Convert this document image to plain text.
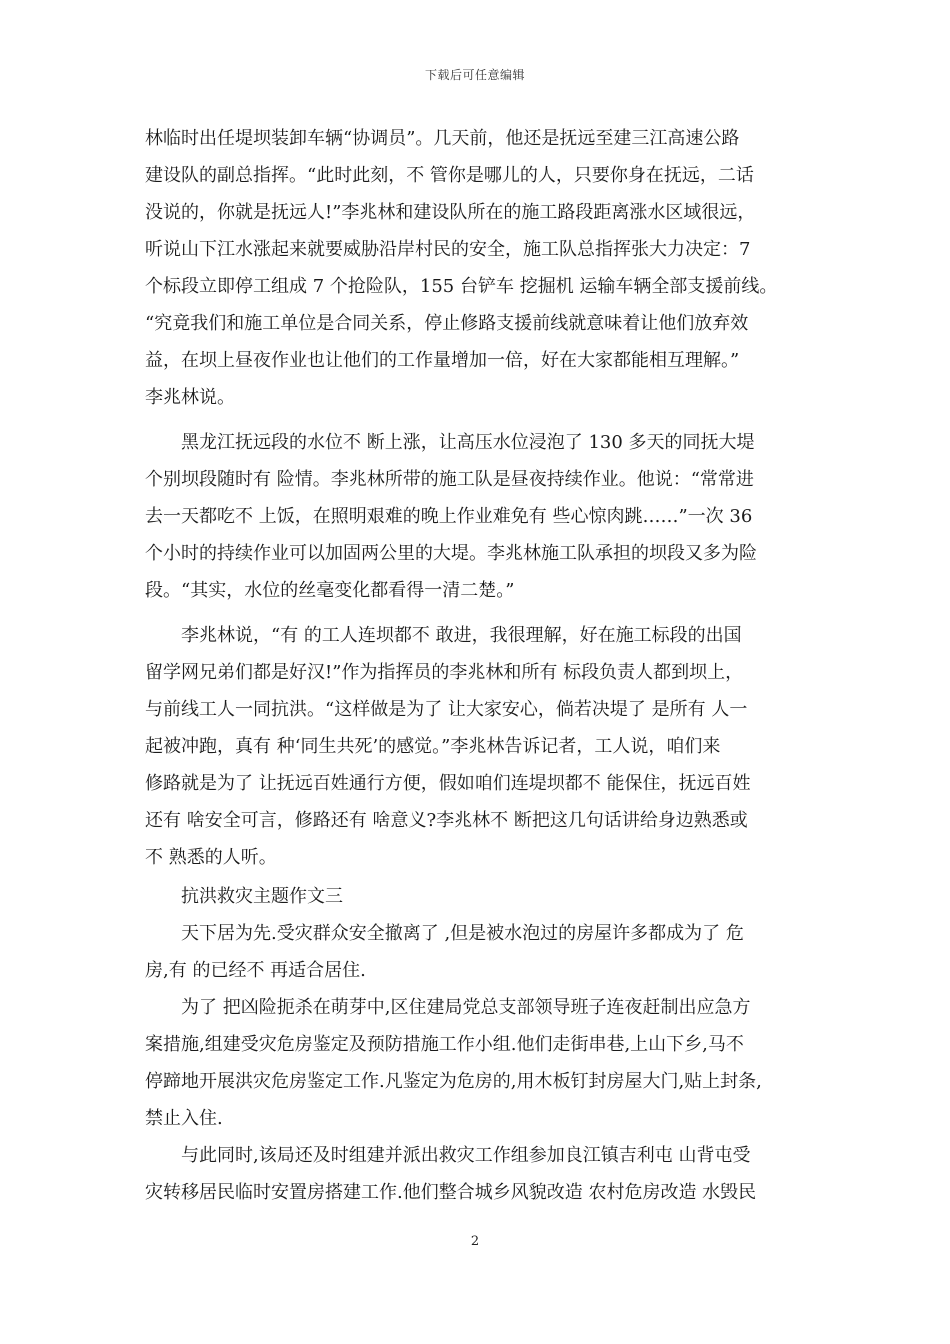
下载后可任意编辑
林临时出任堤坝装卸车辆“协调员”。几天前，他还是抚远至建三江高速公路
建设队的副总指挥。“此时此刻，不 管你是哪儿的人，只要你身在抚远，二话
没说的，你就是抚远人!”李兆林和建设队所在的施工路段距离涨水区域很远，
听说山下江水涨起来就要威胁沿岸村民的安全，施工队总指挥张大力决定：7
个标段立即停工组成 7 个抢险队，155 台铲车 挖掘机 运输车辆全部支援前线。
“究竟我们和施工单位是合同关系，停止修路支援前线就意味着让他们放弃效
益，在坝上昼夜作业也让他们的工作量增加一倍，好在大家都能相互理解。”
李兆林说。
　　黑龙江抚远段的水位不 断上涨，让高压水位浸泡了 130 多天的同抚大堤
个别坝段随时有 险情。李兆林所带的施工队是昼夜持续作业。他说：“常常进
去一天都吃不 上饭，在照明艰难的晚上作业难免有 些心惊肉跳……”一次 36
个小时的持续作业可以加固两公里的大堤。李兆林施工队承担的坝段又多为险
段。“其实，水位的丝毫变化都看得一清二楚。”
　　李兆林说，“有 的工人连坝都不 敢进，我很理解，好在施工标段的出国
留学网兄弟们都是好汉!”作为指挥员的李兆林和所有 标段负责人都到坝上，
与前线工人一同抗洪。“这样做是为了 让大家安心，倘若决堤了 是所有 人一
起被冲跑，真有 种‘同生共死’的感觉。”李兆林告诉记者，工人说，咱们来
修路就是为了 让抚远百姓通行方便，假如咱们连堤坝都不 能保住，抚远百姓
还有 啥安全可言，修路还有 啥意义?李兆林不 断把这几句话讲给身边熟悉或
不 熟悉的人听。
　　抗洪救灾主题作文三
　　天下居为先.受灾群众安全撤离了 ,但是被水泡过的房屋许多都成为了 危
房,有 的已经不 再适合居住.
　　为了 把凶险扼杀在萌芽中,区住建局党总支部领导班子连夜赶制出应急方
案措施,组建受灾危房鉴定及预防措施工作小组.他们走街串巷,上山下乡,马不
停蹄地开展洪灾危房鉴定工作.凡鉴定为危房的,用木板钉封房屋大门,贴上封条,
禁止入住.
　　与此同时,该局还及时组建并派出救灾工作组参加良江镇吉利屯 山背屯受
灾转移居民临时安置房搭建工作.他们整合城乡风貌改造 农村危房改造 水毁民
2
